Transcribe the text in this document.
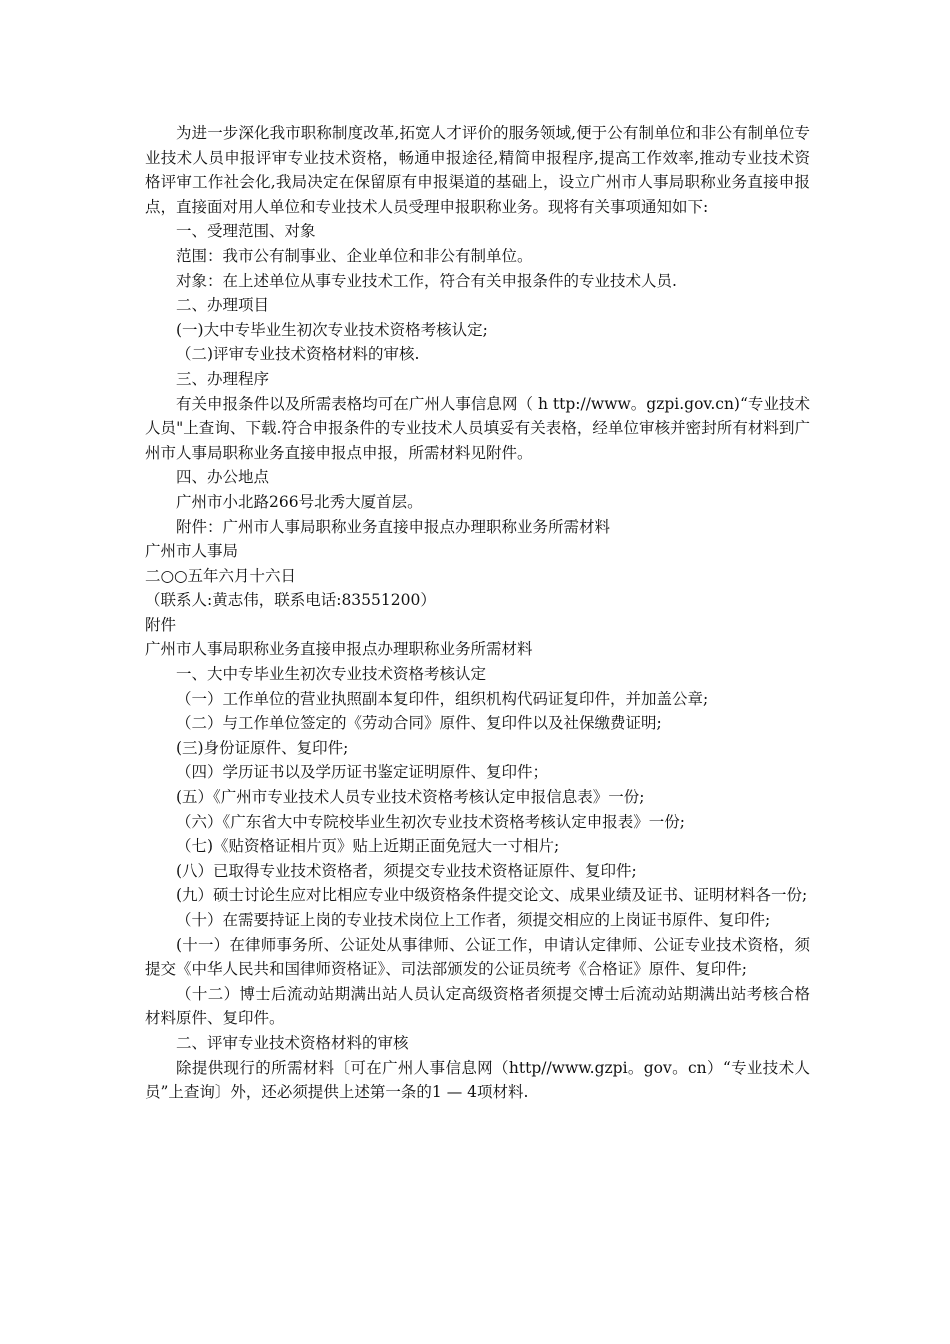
为进一步深化我市职称制度改革,拓宽人才评价的服务领域,便于公有制单位和非公有制单位专业技术人员申报评审专业技术资格，畅通申报途径,精简申报程序,提高工作效率,推动专业技术资格评审工作社会化,我局决定在保留原有申报渠道的基础上，设立广州市人事局职称业务直接申报点，直接面对用人单位和专业技术人员受理申报职称业务。现将有关事项通知如下:

一、受理范围、对象

范围：我市公有制事业、企业单位和非公有制单位。

对象：在上述单位从事专业技术工作，符合有关申报条件的专业技术人员.

二、办理项目

(一)大中专毕业生初次专业技术资格考核认定;

（二)评审专业技术资格材料的审核.

三、办理程序

有关申报条件以及所需表格均可在广州人事信息网（ h ttp://www。gzpi.gov.cn)“专业技术人员"上查询、下载.符合申报条件的专业技术人员填妥有关表格，经单位审核并密封所有材料到广州市人事局职称业务直接申报点申报，所需材料见附件。

四、办公地点

广州市小北路266号北秀大厦首层。

附件：广州市人事局职称业务直接申报点办理职称业务所需材料

广州市人事局

二○○五年六月十六日

（联系人:黄志伟，联系电话:83551200）

附件

广州市人事局职称业务直接申报点办理职称业务所需材料

一、大中专毕业生初次专业技术资格考核认定

（一）工作单位的营业执照副本复印件，组织机构代码证复印件，并加盖公章;

（二）与工作单位签定的《劳动合同》原件、复印件以及社保缴费证明;

(三)身份证原件、复印件;

（四）学历证书以及学历证书鉴定证明原件、复印件；

(五）《广州市专业技术人员专业技术资格考核认定申报信息表》一份;

（六）《广东省大中专院校毕业生初次专业技术资格考核认定申报表》一份;

（七)《贴资格证相片页》贴上近期正面免冠大一寸相片;

(八）已取得专业技术资格者，须提交专业技术资格证原件、复印件;

(九）硕士讨论生应对比相应专业中级资格条件提交论文、成果业绩及证书、证明材料各一份;

（十）在需要持证上岗的专业技术岗位上工作者，须提交相应的上岗证书原件、复印件;

(十一）在律师事务所、公证处从事律师、公证工作，申请认定律师、公证专业技术资格，须提交《中华人民共和国律师资格证》、司法部颁发的公证员统考《合格证》原件、复印件;

（十二）博士后流动站期满出站人员认定高级资格者须提交博士后流动站期满出站考核合格材料原件、复印件。

二、评审专业技术资格材料的审核

除提供现行的所需材料〔可在广州人事信息网（http//www.gzpi。gov。cn）“专业技术人员”上查询〕外，还必须提供上述第一条的1 — 4项材料.
